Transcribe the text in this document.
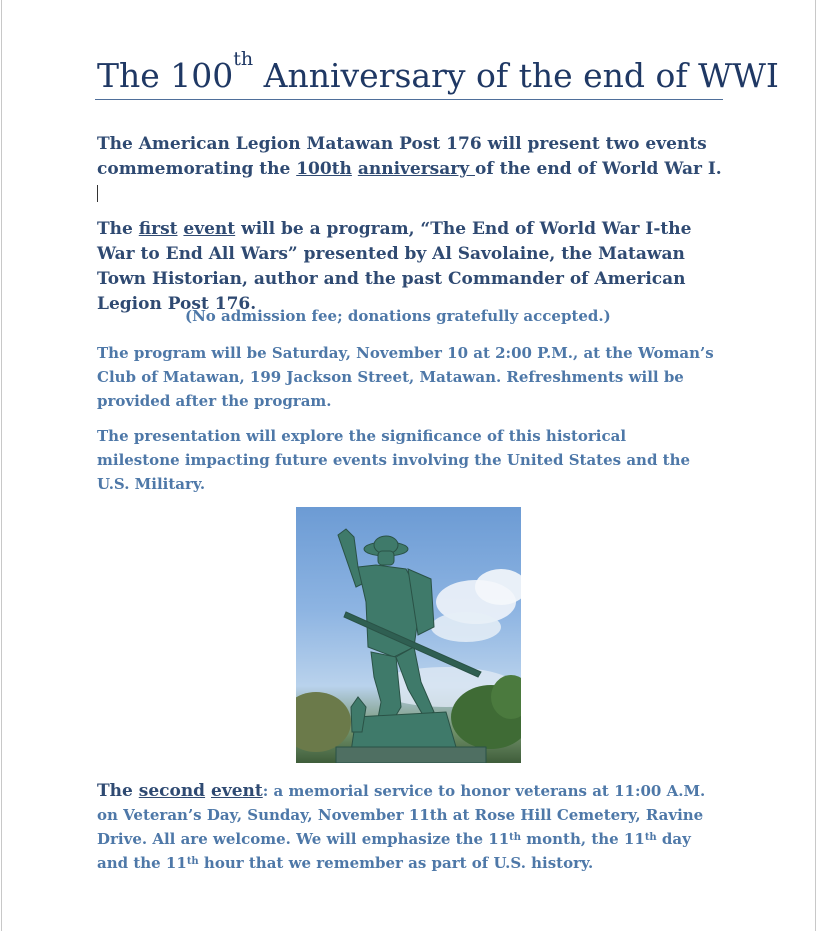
The 100th Anniversary of the end of WWI
The American Legion Matawan Post 176 will present two events commemorating the 100th anniversary of the end of World War I.
The first event will be a program, “The End of World War I-the War to End All Wars” presented by Al Savolaine, the Matawan Town Historian, author and the past Commander of American Legion Post 176.
(No admission fee; donations gratefully accepted.)
The program will be Saturday, November 10 at 2:00 P.M., at the Woman’s Club of Matawan, 199 Jackson Street, Matawan. Refreshments will be provided after the program.
The presentation will explore the significance of this historical milestone impacting future events involving the United States and the U.S. Military.
The second event: a memorial service to honor veterans at 11:00 A.M. on Veteran’s Day, Sunday, November 11th at Rose Hill Cemetery, Ravine Drive. All are welcome. We will emphasize the 11th month, the 11th day and the 11th hour that we remember as part of U.S. history.
